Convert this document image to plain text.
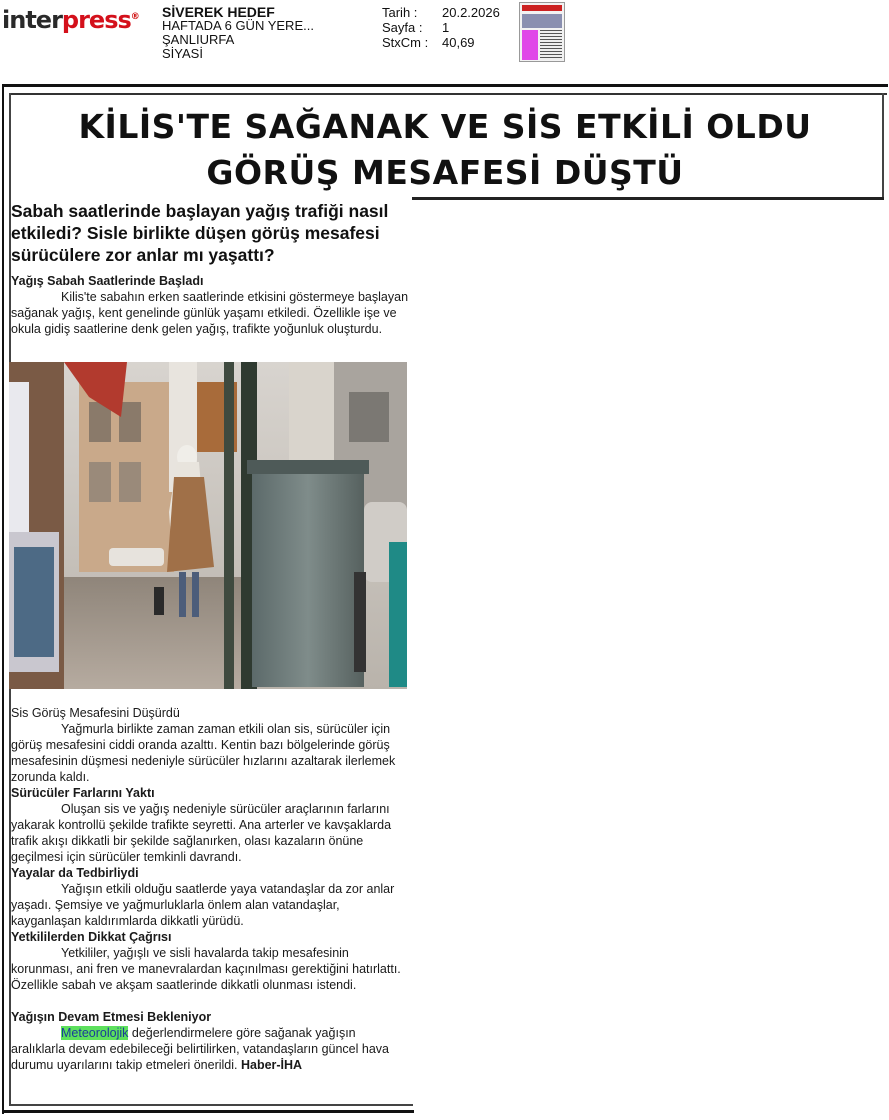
interpress® SİVEREK HEDEF
HAFTADA 6 GÜN YERE...
ŞANLIURFA
SİYASİ
Tarih :	20.2.2026
Sayfa :	1
StxCm :	40,69
KİLİS'TE SAĞANAK VE SİS ETKİLİ OLDU
GÖRÜŞ MESAFESİ DÜŞTÜ
Sabah saatlerinde başlayan yağış trafiği nasıl etkiledi? Sisle birlikte düşen görüş mesafesi sürücülere zor anlar mı yaşattı?
Yağış Sabah Saatlerinde Başladı
Kilis'te sabahın erken saatlerinde etkisini göstermeye başlayan sağanak yağış, kent genelinde günlük yaşamı etkiledi. Özellikle işe ve okula gidiş saatlerine denk gelen yağış, trafikte yoğunluk oluşturdu.
Sis Görüş Mesafesini Düşürdü
Yağmurla birlikte zaman zaman etkili olan sis, sürücüler için görüş mesafesini ciddi oranda azalttı. Kentin bazı bölgelerinde görüş mesafesinin düşmesi nedeniyle sürücüler hızlarını azaltarak ilerlemek zorunda kaldı.
Sürücüler Farlarını Yaktı
Oluşan sis ve yağış nedeniyle sürücüler araçlarının farlarını yakarak kontrollü şekilde trafikte seyretti. Ana arterler ve kavşaklarda trafik akışı dikkatli bir şekilde sağlanırken, olası kazaların önüne geçilmesi için sürücüler temkinli davrandı.
Yayalar da Tedbirliydi
Yağışın etkili olduğu saatlerde yaya vatandaşlar da zor anlar yaşadı. Şemsiye ve yağmurluklarla önlem alan vatandaşlar, kayganlaşan kaldırımlarda dikkatli yürüdü.
Yetkililerden Dikkat Çağrısı
Yetkililer, yağışlı ve sisli havalarda takip mesafesinin korunması, ani fren ve manevralardan kaçınılması gerektiğini hatırlattı. Özellikle sabah ve akşam saatlerinde dikkatli olunması istendi.
Yağışın Devam Etmesi Bekleniyor
Meteorolojik değerlendirmelere göre sağanak yağışın aralıklarla devam edebileceği belirtilirken, vatandaşların güncel hava durumu uyarılarını takip etmeleri önerildi. Haber-İHA
